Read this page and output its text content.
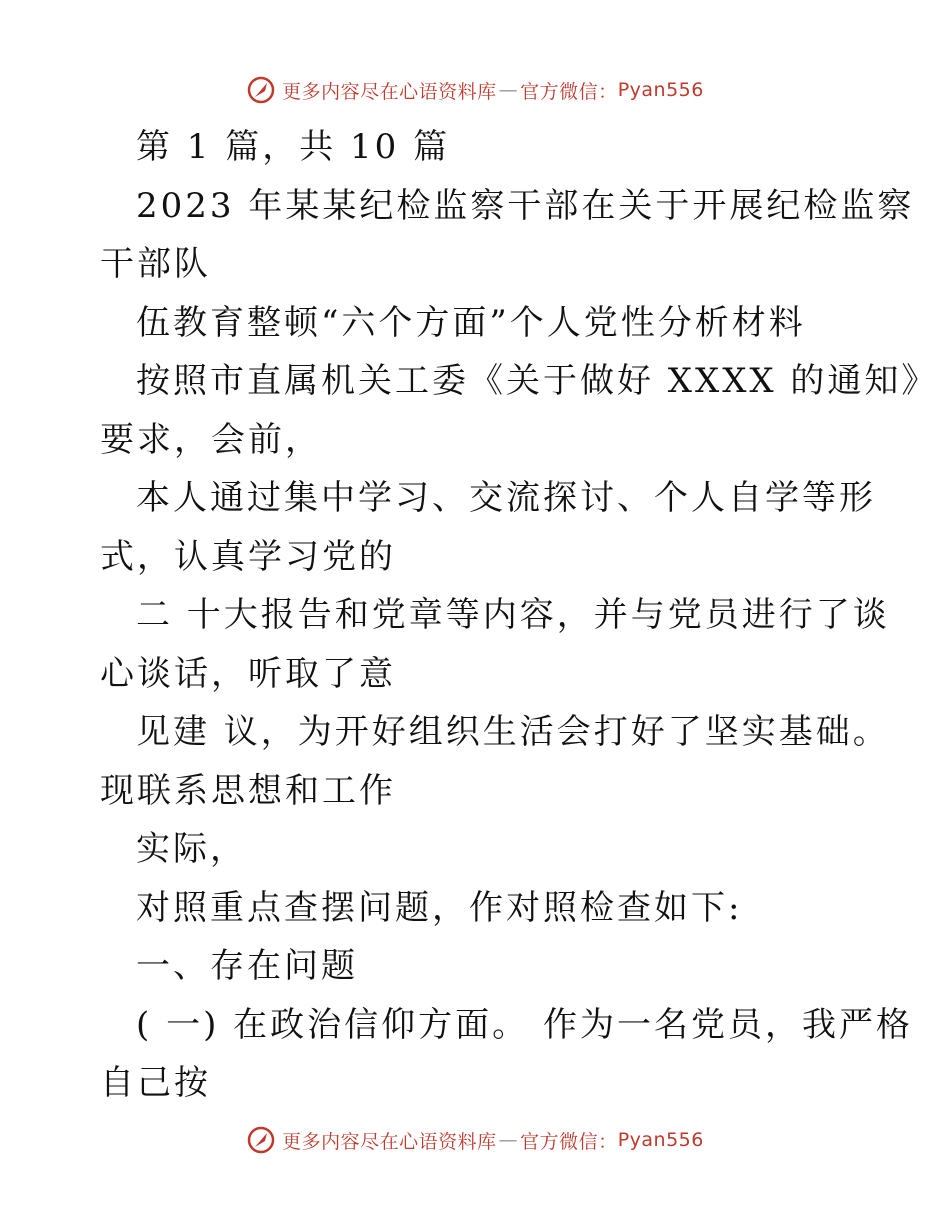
更多内容尽在心语资料库 — 官方微信： Pyan556
第 1 篇，共 10 篇
2023 年某某纪检监察干部在关于开展纪检监察
干部队
伍教育整顿“六个方面”个人党性分析材料
按照市直属机关工委《关于做好 XXXX 的通知》
要求，会前，
本人通过集中学习、交流探讨、个人自学等形
式，认真学习党的
二 十大报告和党章等内容，并与党员进行了谈
心谈话，听取了意
见建 议，为开好组织生活会打好了坚实基础。
现联系思想和工作
实际，
对照重点查摆问题，作对照检查如下:
一、存在问题
( 一) 在政治信仰方面。 作为一名党员，我严格
自己按
更多内容尽在心语资料库 — 官方微信： Pyan556
